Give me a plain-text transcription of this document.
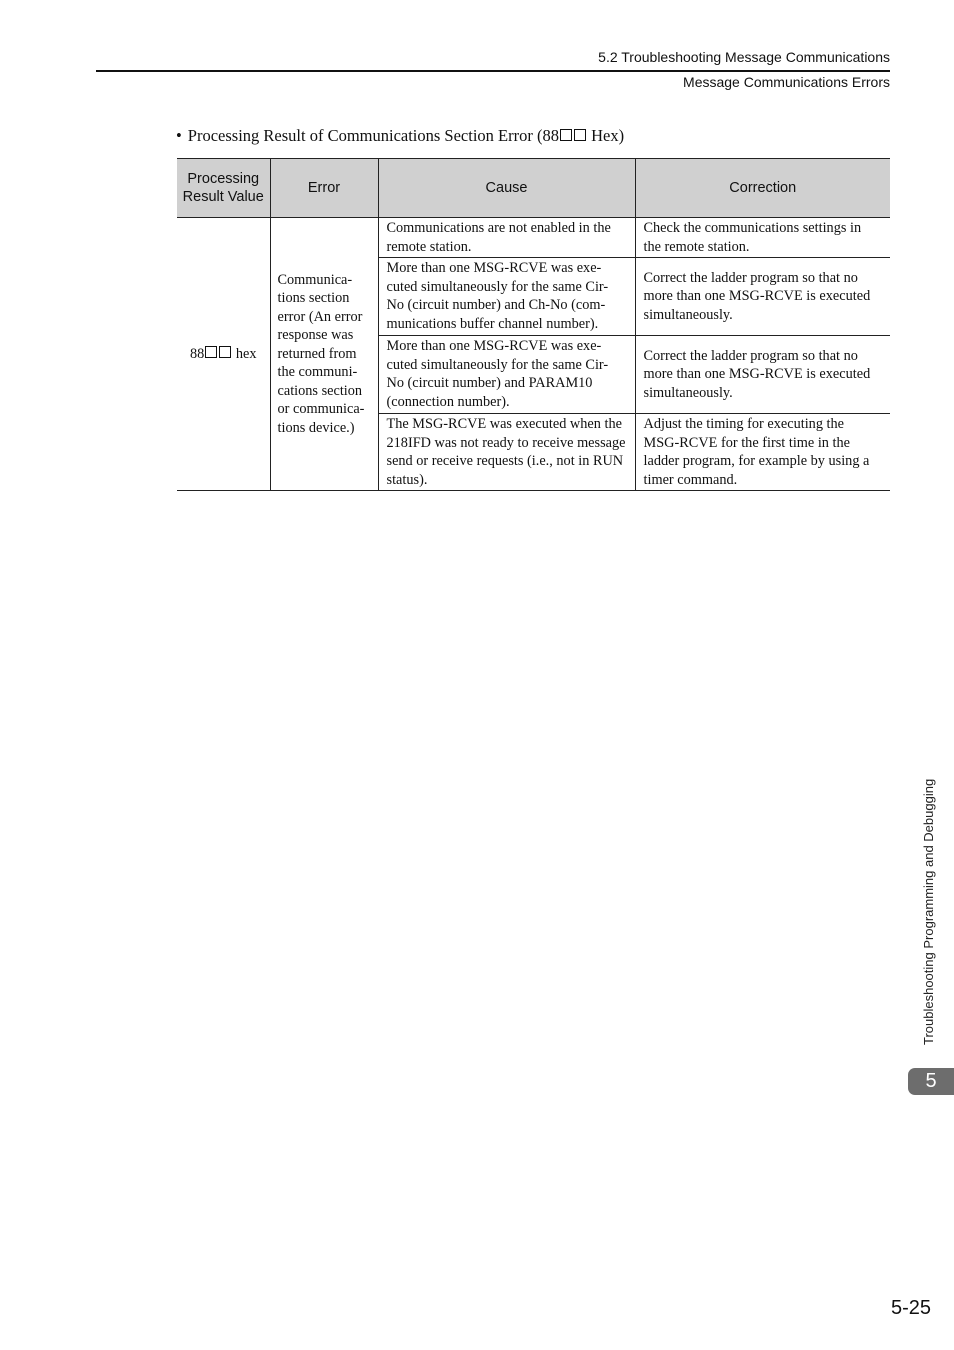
5.2 Troubleshooting Message Communications
Message Communications Errors
• Processing Result of Communications Section Error (88 Hex)
Processing Result Value	Error	Cause	Correction
88 hex	Communica- tions section error (An error response was returned from the communi- cations section or communica- tions device.)	Communications are not enabled in the remote station.	Check the communications settings in the remote station.
		More than one MSG-RCVE was exe- cuted simultaneously for the same Cir- No (circuit number) and Ch-No (com- munications buffer channel number).	Correct the ladder program so that no more than one MSG-RCVE is executed simultaneously.
		More than one MSG-RCVE was exe- cuted simultaneously for the same Cir- No (circuit number) and PARAM10 (connection number).	Correct the ladder program so that no more than one MSG-RCVE is executed simultaneously.
		The MSG-RCVE was executed when the 218IFD was not ready to receive message send or receive requests (i.e., not in RUN status).	Adjust the timing for executing the MSG-RCVE for the first time in the ladder program, for example by using a timer command.
Troubleshooting Programming and Debugging
5
5-25
